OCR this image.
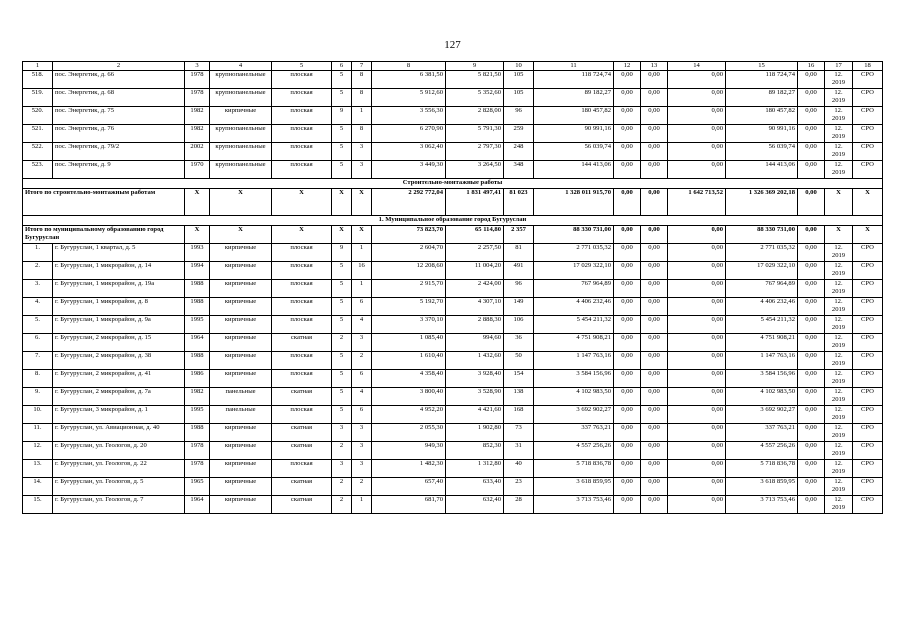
127
1	2	3	4	5	6	7	8	9	10	11	12	13	14	15	16	17	18
518.	пос. Энергетик, д. 66	1978	крупнопанельные	плоская	5	8	6 381,50	5 821,50	105	118 724,74	0,00	0,00	0,00	118 724,74	0,00	12. 2019	СРО
519.	пос. Энергетик, д. 68	1978	крупнопанельные	плоская	5	8	5 912,60	5 352,60	105	89 182,27	0,00	0,00	0,00	89 182,27	0,00	12. 2019	СРО
520.	пос. Энергетик, д. 75	1982	кирпичные	плоская	9	1	3 556,30	2 828,00	96	180 457,82	0,00	0,00	0,00	180 457,82	0,00	12. 2019	СРО
521.	пос. Энергетик, д. 76	1982	крупнопанельные	плоская	5	8	6 270,90	5 791,30	259	90 991,16	0,00	0,00	0,00	90 991,16	0,00	12. 2019	СРО
522.	пос. Энергетик, д. 79/2	2002	крупнопанельные	плоская	5	3	3 062,40	2 797,30	248	56 039,74	0,00	0,00	0,00	56 039,74	0,00	12. 2019	СРО
523.	пос. Энергетик, д. 9	1970	крупнопанельные	плоская	5	3	3 449,30	3 264,50	348	144 413,06	0,00	0,00	0,00	144 413,06	0,00	12. 2019	СРО
Строительно-монтажные работы																	
Итого по строительно-монтажным работам		X	X	X	X	X	2 292 772,04	1 831 497,41	81 023	1 328 011 915,70	0,00	0,00	1 642 713,52	1 326 369 202,18	0,00	X	X
1. Муниципальное образование город Бугуруслан																	
Итого по муниципальному образованию город Бугуруслан		X	X	X	X	X	73 823,70	65 114,80	2 357	88 330 731,00	0,00	0,00	0,00	88 330 731,00	0,00	X	X
1.	г. Бугуруслан, 1 квартал, д. 5	1993	кирпичные	плоская	9	1	2 604,70	2 257,50	81	2 771 035,32	0,00	0,00	0,00	2 771 035,32	0,00	12. 2019	СРО
2.	г. Бугуруслан, 1 микрорайон, д. 14	1994	кирпичные	плоская	5	16	12 208,60	11 004,20	491	17 029 322,10	0,00	0,00	0,00	17 029 322,10	0,00	12. 2019	СРО
3.	г. Бугуруслан, 1 микрорайон, д. 19а	1988	кирпичные	плоская	5	1	2 915,70	2 424,00	96	767 964,89	0,00	0,00	0,00	767 964,89	0,00	12. 2019	СРО
4.	г. Бугуруслан, 1 микрорайон, д. 8	1988	кирпичные	плоская	5	6	5 192,70	4 307,10	149	4 406 232,46	0,00	0,00	0,00	4 406 232,46	0,00	12. 2019	СРО
5.	г. Бугуруслан, 1 микрорайон, д. 9а	1995	кирпичные	плоская	5	4	3 370,10	2 888,30	106	5 454 211,32	0,00	0,00	0,00	5 454 211,32	0,00	12. 2019	СРО
6.	г. Бугуруслан, 2 микрорайон, д. 15	1964	кирпичные	скатная	2	3	1 085,40	994,60	36	4 751 908,21	0,00	0,00	0,00	4 751 908,21	0,00	12. 2019	СРО
7.	г. Бугуруслан, 2 микрорайон, д. 38	1988	кирпичные	плоская	5	2	1 610,40	1 432,60	50	1 147 763,16	0,00	0,00	0,00	1 147 763,16	0,00	12. 2019	СРО
8.	г. Бугуруслан, 2 микрорайон, д. 41	1986	кирпичные	плоская	5	6	4 358,40	3 928,40	154	3 584 156,96	0,00	0,00	0,00	3 584 156,96	0,00	12. 2019	СРО
9.	г. Бугуруслан, 2 микрорайон, д. 7а	1982	панельные	скатная	5	4	3 800,40	3 528,90	138	4 102 983,50	0,00	0,00	0,00	4 102 983,50	0,00	12. 2019	СРО
10.	г. Бугуруслан, 3 микрорайон, д. 1	1995	панельные	плоская	5	6	4 952,20	4 421,60	168	3 692 902,27	0,00	0,00	0,00	3 692 902,27	0,00	12. 2019	СРО
11.	г. Бугуруслан, ул. Авиационная, д. 40	1988	кирпичные	скатная	3	3	2 055,30	1 902,80	73	337 763,21	0,00	0,00	0,00	337 763,21	0,00	12. 2019	СРО
12.	г. Бугуруслан, ул. Геологов, д. 20	1978	кирпичные	скатная	2	3	949,30	852,30	31	4 557 256,26	0,00	0,00	0,00	4 557 256,26	0,00	12. 2019	СРО
13.	г. Бугуруслан, ул. Геологов, д. 22	1978	кирпичные	плоская	3	3	1 482,30	1 312,80	40	5 718 836,78	0,00	0,00	0,00	5 718 836,78	0,00	12. 2019	СРО
14.	г. Бугуруслан, ул. Геологов, д. 5	1965	кирпичные	скатная	2	2	657,40	633,40	23	3 618 859,95	0,00	0,00	0,00	3 618 859,95	0,00	12. 2019	СРО
15.	г. Бугуруслан, ул. Геологов, д. 7	1964	кирпичные	скатная	2	1	681,70	632,40	28	3 713 753,46	0,00	0,00	0,00	3 713 753,46	0,00	12. 2019	СРО
